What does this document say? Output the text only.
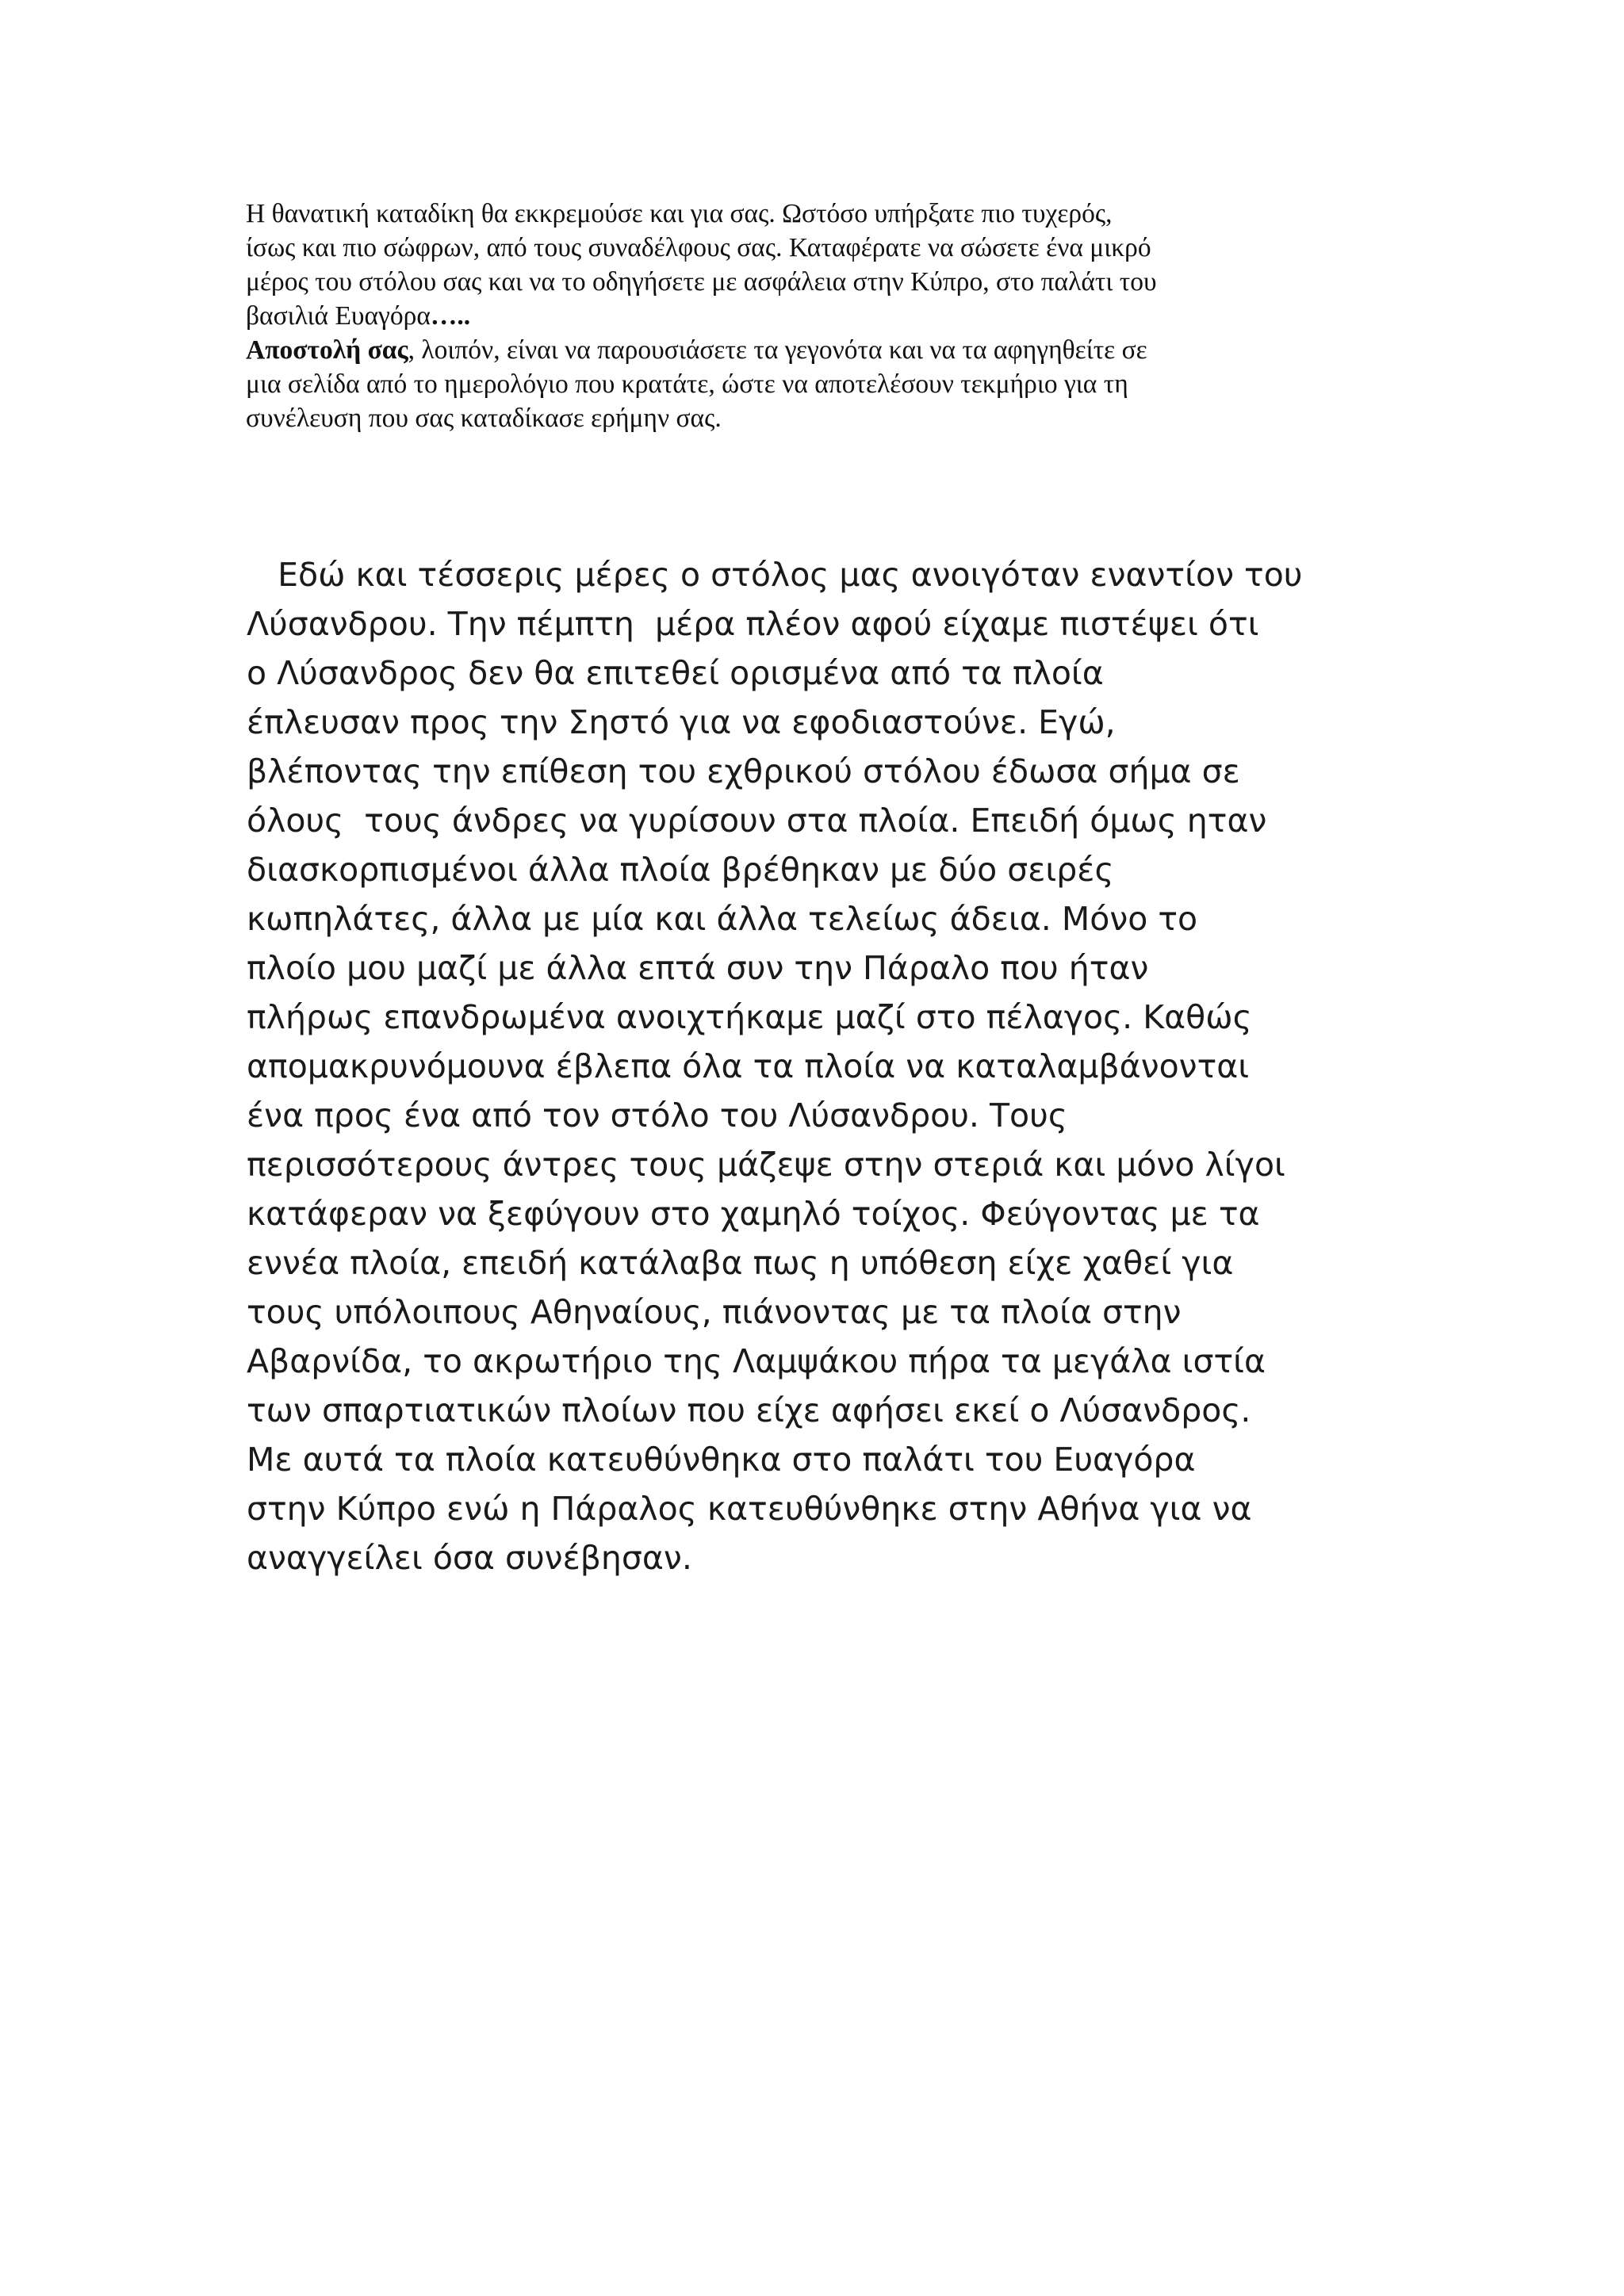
Η θανατική καταδίκη θα εκκρεμούσε και για σας. Ωστόσο υπήρξατε πιο τυχερός,
ίσως και πιο σώφρων, από τους συναδέλφους σας. Καταφέρατε να σώσετε ένα μικρό
μέρος του στόλου σας και να το οδηγήσετε με ασφάλεια στην Κύπρο, στο παλάτι του
βασιλιά Ευαγόρα…..
Αποστολή σας, λοιπόν, είναι να παρουσιάσετε τα γεγονότα και να τα αφηγηθείτε σε
μια σελίδα από το ημερολόγιο που κρατάτε, ώστε να αποτελέσουν τεκμήριο για τη
συνέλευση που σας καταδίκασε ερήμην σας.
Εδώ και τέσσερις μέρες ο στόλος μας ανοιγόταν εναντίον του
Λύσανδρου. Την πέμπτη  μέρα πλέον αφού είχαμε πιστέψει ότι
ο Λύσανδρος δεν θα επιτεθεί ορισμένα από τα πλοία
έπλευσαν προς την Σηστό για να εφοδιαστούνε. Εγώ,
βλέποντας την επίθεση του εχθρικού στόλου έδωσα σήμα σε
όλους  τους άνδρες να γυρίσουν στα πλοία. Επειδή όμως ηταν
διασκορπισμένοι άλλα πλοία βρέθηκαν με δύο σειρές
κωπηλάτες, άλλα με μία και άλλα τελείως άδεια. Μόνο το
πλοίο μου μαζί με άλλα επτά συν την Πάραλο που ήταν
πλήρως επανδρωμένα ανοιχτήκαμε μαζί στο πέλαγος. Καθώς
απομακρυνόμουνα έβλεπα όλα τα πλοία να καταλαμβάνονται
ένα προς ένα από τον στόλο του Λύσανδρου. Τους
περισσότερους άντρες τους μάζεψε στην στεριά και μόνο λίγοι
κατάφεραν να ξεφύγουν στο χαμηλό τοίχος. Φεύγοντας με τα
εννέα πλοία, επειδή κατάλαβα πως η υπόθεση είχε χαθεί για
τους υπόλοιπους Αθηναίους, πιάνοντας με τα πλοία στην
Αβαρνίδα, το ακρωτήριο της Λαμψάκου πήρα τα μεγάλα ιστία
των σπαρτιατικών πλοίων που είχε αφήσει εκεί ο Λύσανδρος.
Με αυτά τα πλοία κατευθύνθηκα στο παλάτι του Ευαγόρα
στην Κύπρο ενώ η Πάραλος κατευθύνθηκε στην Αθήνα για να
αναγγείλει όσα συνέβησαν.
